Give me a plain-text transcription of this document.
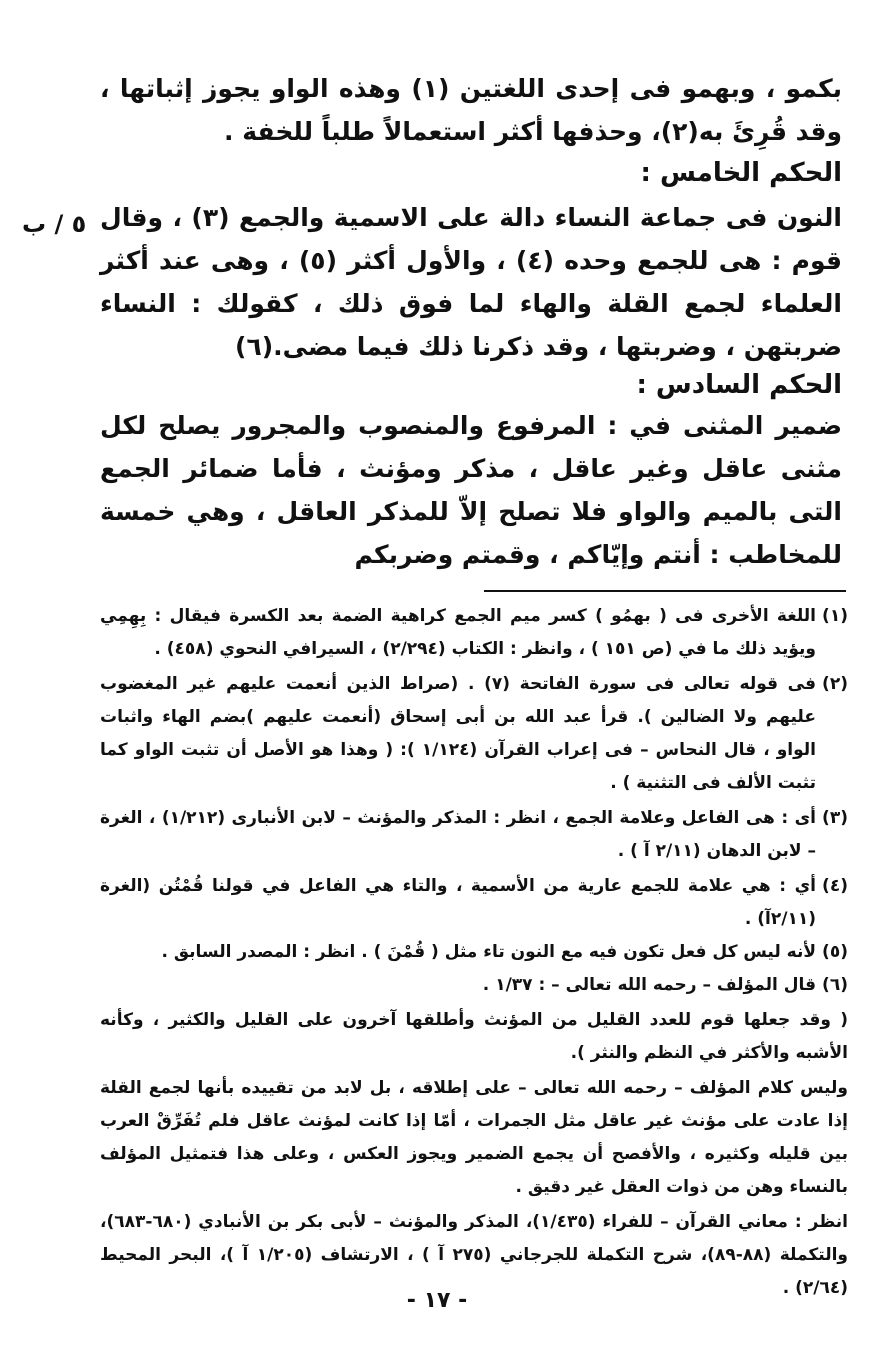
٥ / ب
بكمو ، وبهمو فى إحدى اللغتين (١) وهذه الواو يجوز إثباتها ، وقد قُرِئَ به(٢)، وحذفها أكثر استعمالاً طلباً للخفة .
الحكم الخامس :
النون فى جماعة النساء دالة على الاسمية والجمع (٣) ، وقال قوم : هى للجمع وحده (٤) ، والأول أكثر (٥) ، وهى عند أكثر العلماء لجمع القلة والهاء لما فوق ذلك ، كقولك : النساء ضربتهن ، وضربتها ، وقد ذكرنا ذلك فيما مضى.(٦)
الحكم السادس :
ضمير المثنى في : المرفوع والمنصوب والمجرور يصلح لكل مثنى عاقل وغير عاقل ، مذكر ومؤنث ، فأما ضمائر الجمع التى بالميم والواو فلا تصلح إلاّ للمذكر العاقل ، وهي خمسة للمخاطب : أنتم وإيّاكم ، وقمتم وضربكم
(١)
اللغة الأخرى فى ( بهمُو ) كسر ميم الجمع كراهية الضمة بعد الكسرة فيقال : بِهِمِي ويؤيد ذلك ما في (ص ١٥١ ) ، وانظر : الكتاب (٢/٢٩٤) ، السيرافي النحوي (٤٥٨) .
(٢)
فى قوله تعالى فى سورة الفاتحة (٧) . (صراط الذين أنعمت عليهم غير المغضوب عليهم ولا الضالين ). قرأ عبد الله بن أبى إسحاق (أنعمت عليهم )بضم الهاء واثبات الواو ، قال النحاس – فى إعراب القرآن (١/١٢٤ ): ( وهذا هو الأصل أن تثبت الواو كما تثبت الألف فى التثنية ) .
(٣)
أى : هى الفاعل وعلامة الجمع ، انظر : المذكر والمؤنث – لابن الأنبارى (١/٢١٢) ، الغرة – لابن الدهان (٢/١١ آ ) .
(٤)
أي : هي علامة للجمع عارية من الأسمية ، والتاء هي الفاعل في قولنا قُمْتُن (الغرة (٢/١١آ) .
(٥)
لأنه ليس كل فعل تكون فيه مع النون تاء مثل ( قُمْنَ ) . انظر : المصدر السابق .
(٦)
قال المؤلف – رحمه الله تعالى – : ١/٣٧ .
( وقد جعلها قوم للعدد القليل من المؤنث وأطلقها آخرون على القليل والكثير ، وكأنه الأشبه والأكثر في النظم والنثر ).
وليس كلام المؤلف – رحمه الله تعالى – على إطلاقه ، بل لابد من تقييده بأنها لجمع القلة إذا عادت على مؤنث غير عاقل مثل الجمرات ، أمّا إذا كانت لمؤنث عاقل فلم تُفَرِّقْ العرب بين قليله وكثيره ، والأفصح أن يجمع الضمير ويجوز العكس ، وعلى هذا فتمثيل المؤلف بالنساء وهن من ذوات العقل غير دقيق .
انظر : معاني القرآن – للفراء (١/٤٣٥)، المذكر والمؤنث – لأبى بكر بن الأنبادي (٦٨٠-٦٨٣)، والتكملة (٨٨-٨٩)، شرح التكملة للجرجاني (٢٧٥ آ ) ، الارتشاف (١/٢٠٥ آ )، البحر المحيط (٢/٦٤) .
- ١٧ -
